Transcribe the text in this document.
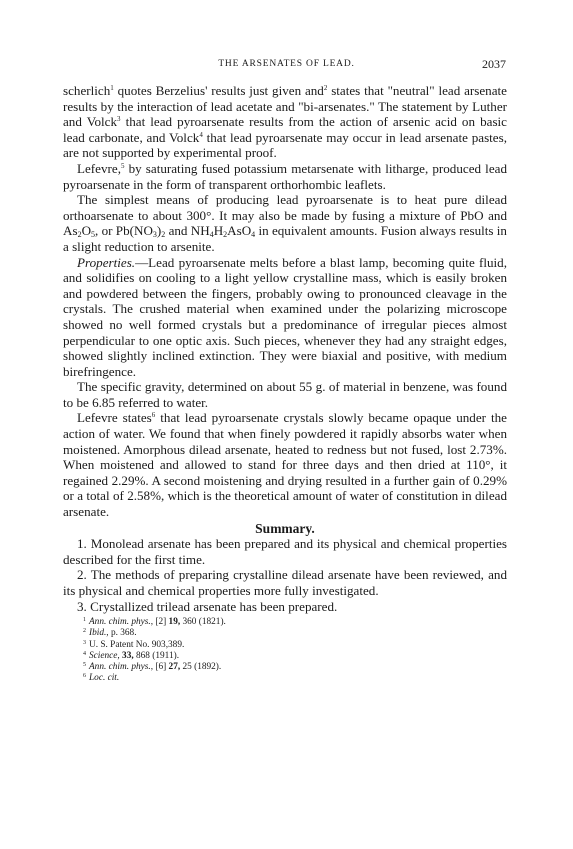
THE ARSENATES OF LEAD.	2037

scherlich$^1$ quotes Berzelius' results just given and$^2$ states that "neutral" lead arsenate results by the interaction of lead acetate and "bi-arsenates." The statement by Luther and Volck$^3$ that lead pyroarsenate results from the action of arsenic acid on basic lead carbonate, and Volck$^4$ that lead pyroarsenate may occur in lead arsenate pastes, are not supported by experimental proof.

Lefevre,$^5$ by saturating fused potassium metarsenate with litharge, produced lead pyroarsenate in the form of transparent orthorhombic leaflets.

The simplest means of producing lead pyroarsenate is to heat pure dilead orthoarsenate to about 300°. It may also be made by fusing a mixture of PbO and $As_2O_5$, or $Pb(NO_3)_2$ and $NH_4H_2AsO_4$ in equivalent amounts. Fusion always results in a slight reduction to arsenite.

Properties.—Lead pyroarsenate melts before a blast lamp, becoming quite fluid, and solidifies on cooling to a light yellow crystalline mass, which is easily broken and powdered between the fingers, probably owing to pronounced cleavage in the crystals. The crushed material when examined under the polarizing microscope showed no well formed crystals but a predominance of irregular pieces almost perpendicular to one optic axis. Such pieces, whenever they had any straight edges, showed slightly inclined extinction. They were biaxial and positive, with medium birefringence.

The specific gravity, determined on about 55 g. of material in benzene, was found to be 6.85 referred to water.

Lefevre states$^6$ that lead pyroarsenate crystals slowly became opaque under the action of water. We found that when finely powdered it rapidly absorbs water when moistened. Amorphous dilead arsenate, heated to redness but not fused, lost 2.73%. When moistened and allowed to stand for three days and then dried at 110°, it regained 2.29%. A second moistening and drying resulted in a further gain of 0.29% or a total of 2.58%, which is the theoretical amount of water of constitution in dilead arsenate.

Summary.

1. Monolead arsenate has been prepared and its physical and chemical properties described for the first time.

2. The methods of preparing crystalline dilead arsenate have been reviewed, and its physical and chemical properties more fully investigated.

3. Crystallized trilead arsenate has been prepared.

$^1$ Ann. chim. phys., [2] 19, 360 (1821).
$^2$ Ibid., p. 368.
$^3$ U. S. Patent No. 903,389.
$^4$ Science, 33, 868 (1911).
$^5$ Ann. chim. phys., [6] 27, 25 (1892).
$^6$ Loc. cit.
